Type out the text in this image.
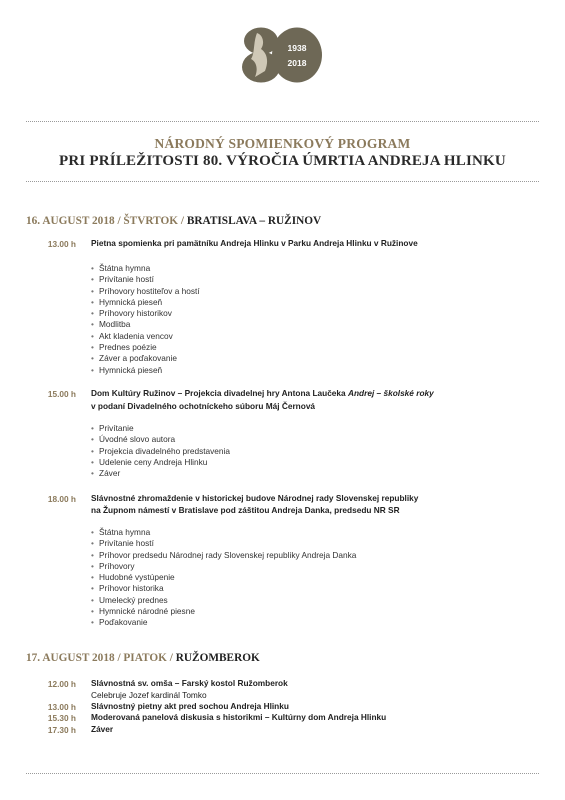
1938
2018
NÁRODNÝ SPOMIENKOVÝ PROGRAM
PRI PRÍLEŽITOSTI 80. VÝROČIA ÚMRTIA ANDREJA HLINKU
16. AUGUST 2018 / ŠTVRTOK / BRATISLAVA – RUŽINOV
13.00 h Pietna spomienka pri pamätníku Andreja Hlinku v Parku Andreja Hlinku v Ružinove
• Štátna hymna
• Privítanie hostí
• Príhovory hostiteľov a hostí
• Hymnická pieseň
• Príhovory historikov
• Modlitba
• Akt kladenia vencov
• Prednes poézie
• Záver a poďakovanie
• Hymnická pieseň
15.00 h Dom Kultúry Ružinov – Projekcia divadelnej hry Antona Laučeka Andrej – školské roky
v podaní Divadelného ochotníckeho súboru Máj Černová
• Privítanie
• Úvodné slovo autora
• Projekcia divadelného predstavenia
• Udelenie ceny Andreja Hlinku
• Záver
18.00 h Slávnostné zhromaždenie v historickej budove Národnej rady Slovenskej republiky
na Župnom námestí v Bratislave pod záštitou Andreja Danka, predsedu NR SR
• Štátna hymna
• Privítanie hostí
• Príhovor predsedu Národnej rady Slovenskej republiky Andreja Danka
• Príhovory
• Hudobné vystúpenie
• Príhovor historika
• Umelecký prednes
• Hymnické národné piesne
• Poďakovanie
17. AUGUST 2018 / PIATOK / RUŽOMBEROK
12.00 h Slávnostná sv. omša – Farský kostol Ružomberok
Celebruje Jozef kardinál Tomko
13.00 h Slávnostný pietny akt pred sochou Andreja Hlinku
15.30 h Moderovaná panelová diskusia s historikmi – Kultúrny dom Andreja Hlinku
17.30 h Záver
